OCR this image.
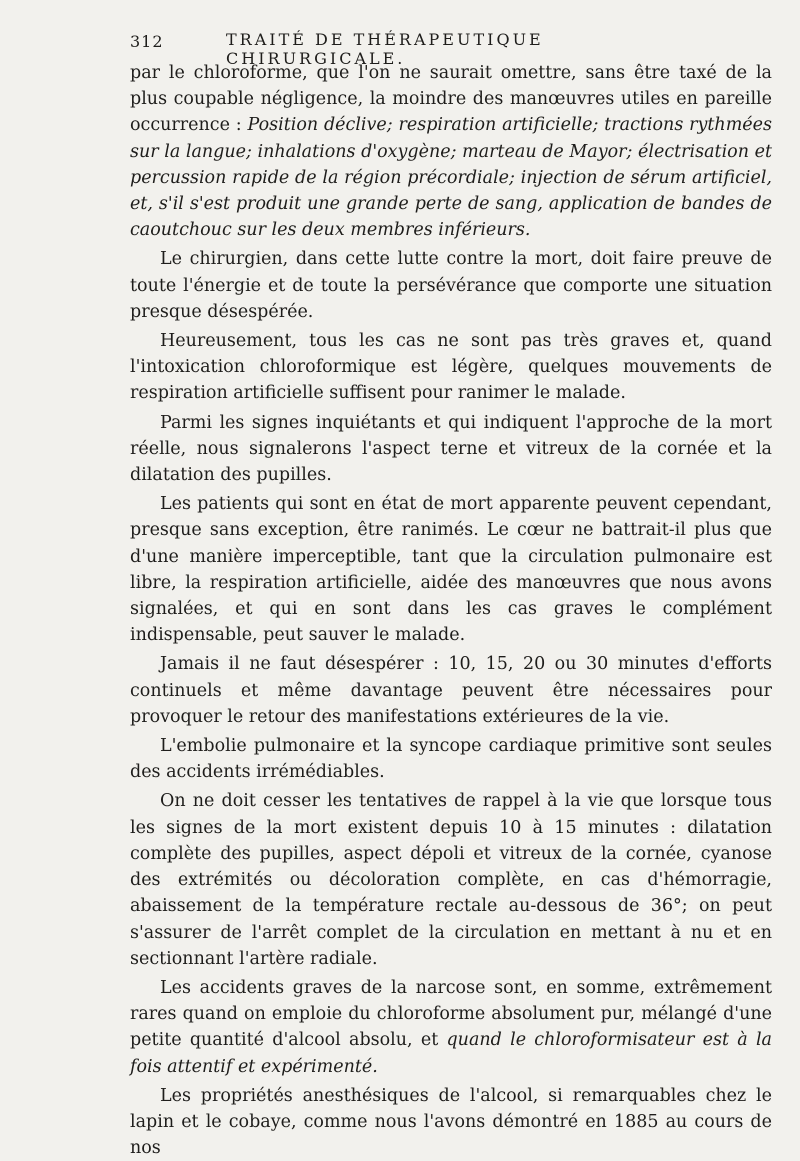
312	TRAITÉ DE THÉRAPEUTIQUE CHIRURGICALE.

par le chloroforme, que l'on ne saurait omettre, sans être taxé de la plus coupable négligence, la moindre des manœuvres utiles en pareille occurrence : Position déclive; respiration artificielle; tractions rythmées sur la langue; inhalations d'oxygène; marteau de Mayor; électrisation et percussion rapide de la région précordiale; injection de sérum artificiel, et, s'il s'est produit une grande perte de sang, application de bandes de caoutchouc sur les deux membres inférieurs.

Le chirurgien, dans cette lutte contre la mort, doit faire preuve de toute l'énergie et de toute la persévérance que comporte une situation presque désespérée.

Heureusement, tous les cas ne sont pas très graves et, quand l'intoxication chloroformique est légère, quelques mouvements de respiration artificielle suffisent pour ranimer le malade.

Parmi les signes inquiétants et qui indiquent l'approche de la mort réelle, nous signalerons l'aspect terne et vitreux de la cornée et la dilatation des pupilles.

Les patients qui sont en état de mort apparente peuvent cependant, presque sans exception, être ranimés. Le cœur ne battrait-il plus que d'une manière imperceptible, tant que la circulation pulmonaire est libre, la respiration artificielle, aidée des manœuvres que nous avons signalées, et qui en sont dans les cas graves le complément indispensable, peut sauver le malade.

Jamais il ne faut désespérer : 10, 15, 20 ou 30 minutes d'efforts continuels et même davantage peuvent être nécessaires pour provoquer le retour des manifestations extérieures de la vie.

L'embolie pulmonaire et la syncope cardiaque primitive sont seules des accidents irrémédiables.

On ne doit cesser les tentatives de rappel à la vie que lorsque tous les signes de la mort existent depuis 10 à 15 minutes : dilatation complète des pupilles, aspect dépoli et vitreux de la cornée, cyanose des extrémités ou décoloration complète, en cas d'hémorragie, abaissement de la température rectale au-dessous de 36°; on peut s'assurer de l'arrêt complet de la circulation en mettant à nu et en sectionnant l'artère radiale.

Les accidents graves de la narcose sont, en somme, extrêmement rares quand on emploie du chloroforme absolument pur, mélangé d'une petite quantité d'alcool absolu, et quand le chloroformisateur est à la fois attentif et expérimenté.

Les propriétés anesthésiques de l'alcool, si remarquables chez le lapin et le cobaye, comme nous l'avons démontré en 1885 au cours de nos
